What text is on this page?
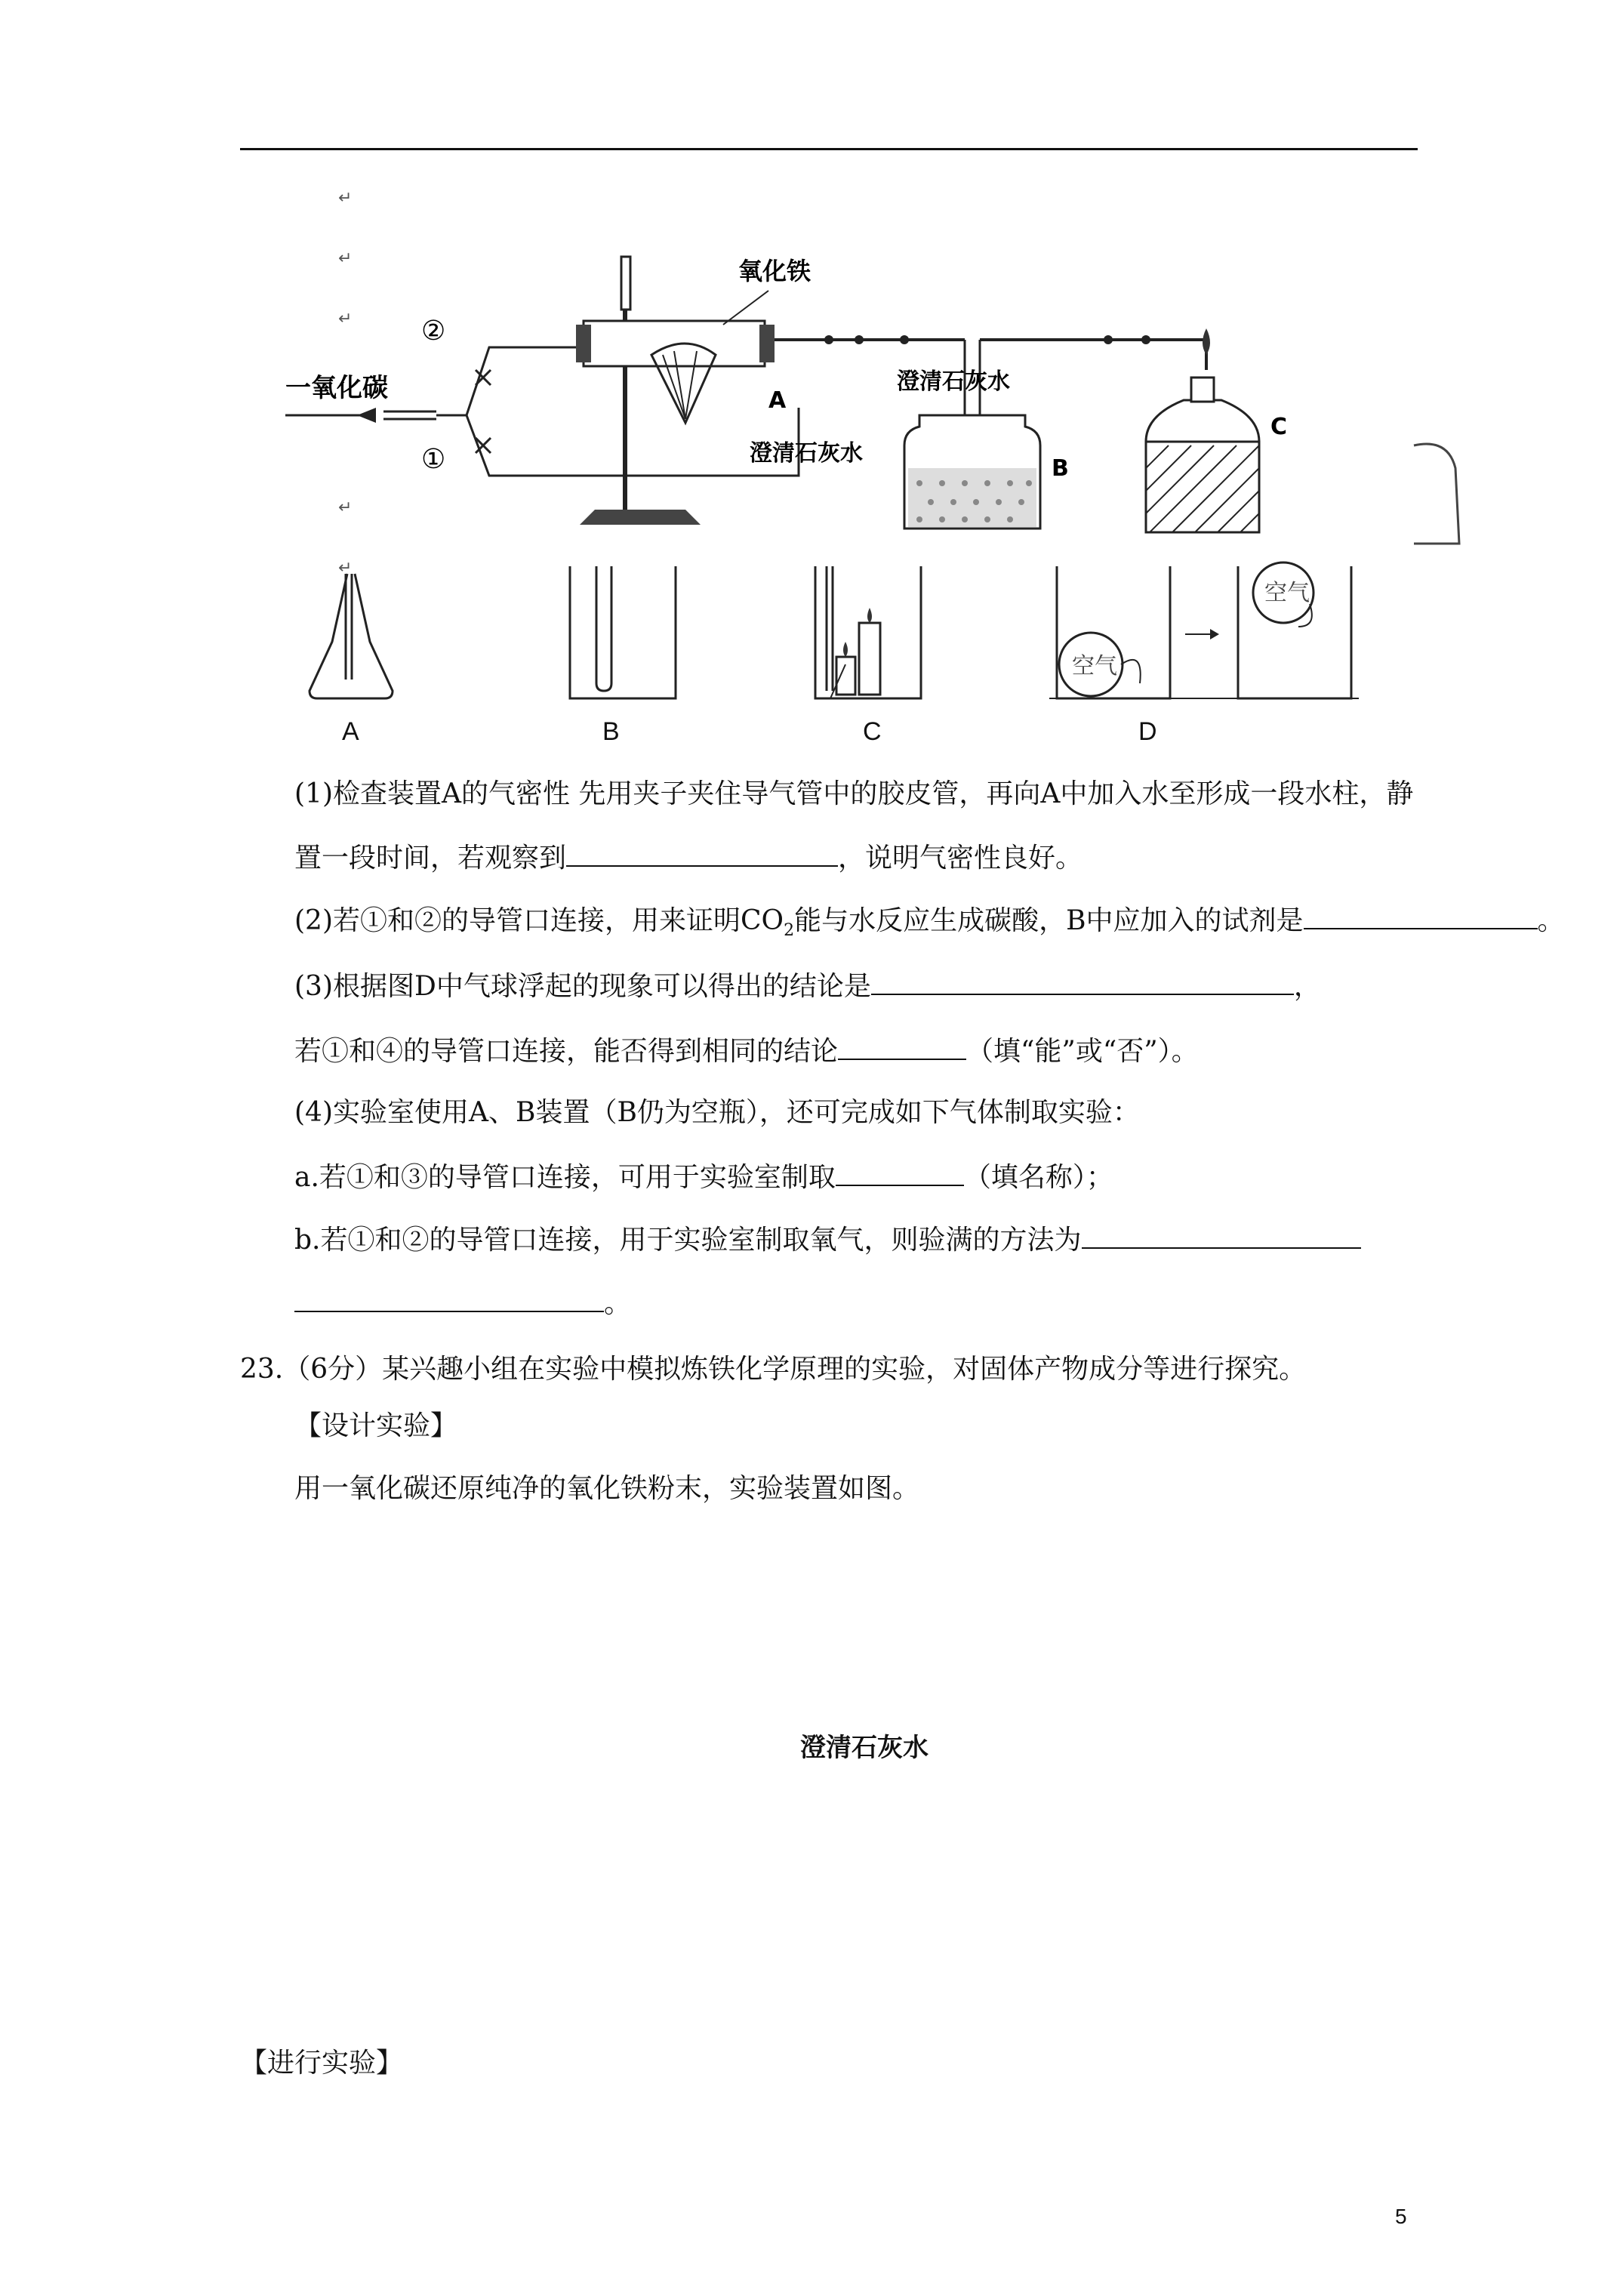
↵
↵
↵
↵
↵
一氧化碳
②
①
氧化铁
A
澄清石灰水
澄清石灰水
B
C
空气
空气
A	B	C	D
(1)检查装置A的气密性 先用夹子夹住导气管中的胶皮管，再向A中加入水至形成一段水柱，静
置一段时间，若观察到	，说明气密性良好。
(2)若①和②的导管口连接，用来证明$CO_2$能与水反应生成碳酸，B中应加入的试剂是	。
(3)根据图D中气球浮起的现象可以得出的结论是	，
若①和④的导管口连接，能否得到相同的结论	（填“能”或“否”）。
(4)实验室使用A、B装置（B仍为空瓶），还可完成如下气体制取实验：
a.若①和③的导管口连接，可用于实验室制取	（填名称）；
b.若①和②的导管口连接，用于实验室制取氧气，则验满的方法为
。
23.（6分）某兴趣小组在实验中模拟炼铁化学原理的实验，对固体产物成分等进行探究。
【设计实验】
用一氧化碳还原纯净的氧化铁粉末，实验装置如图。
澄清石灰水
【进行实验】
5
